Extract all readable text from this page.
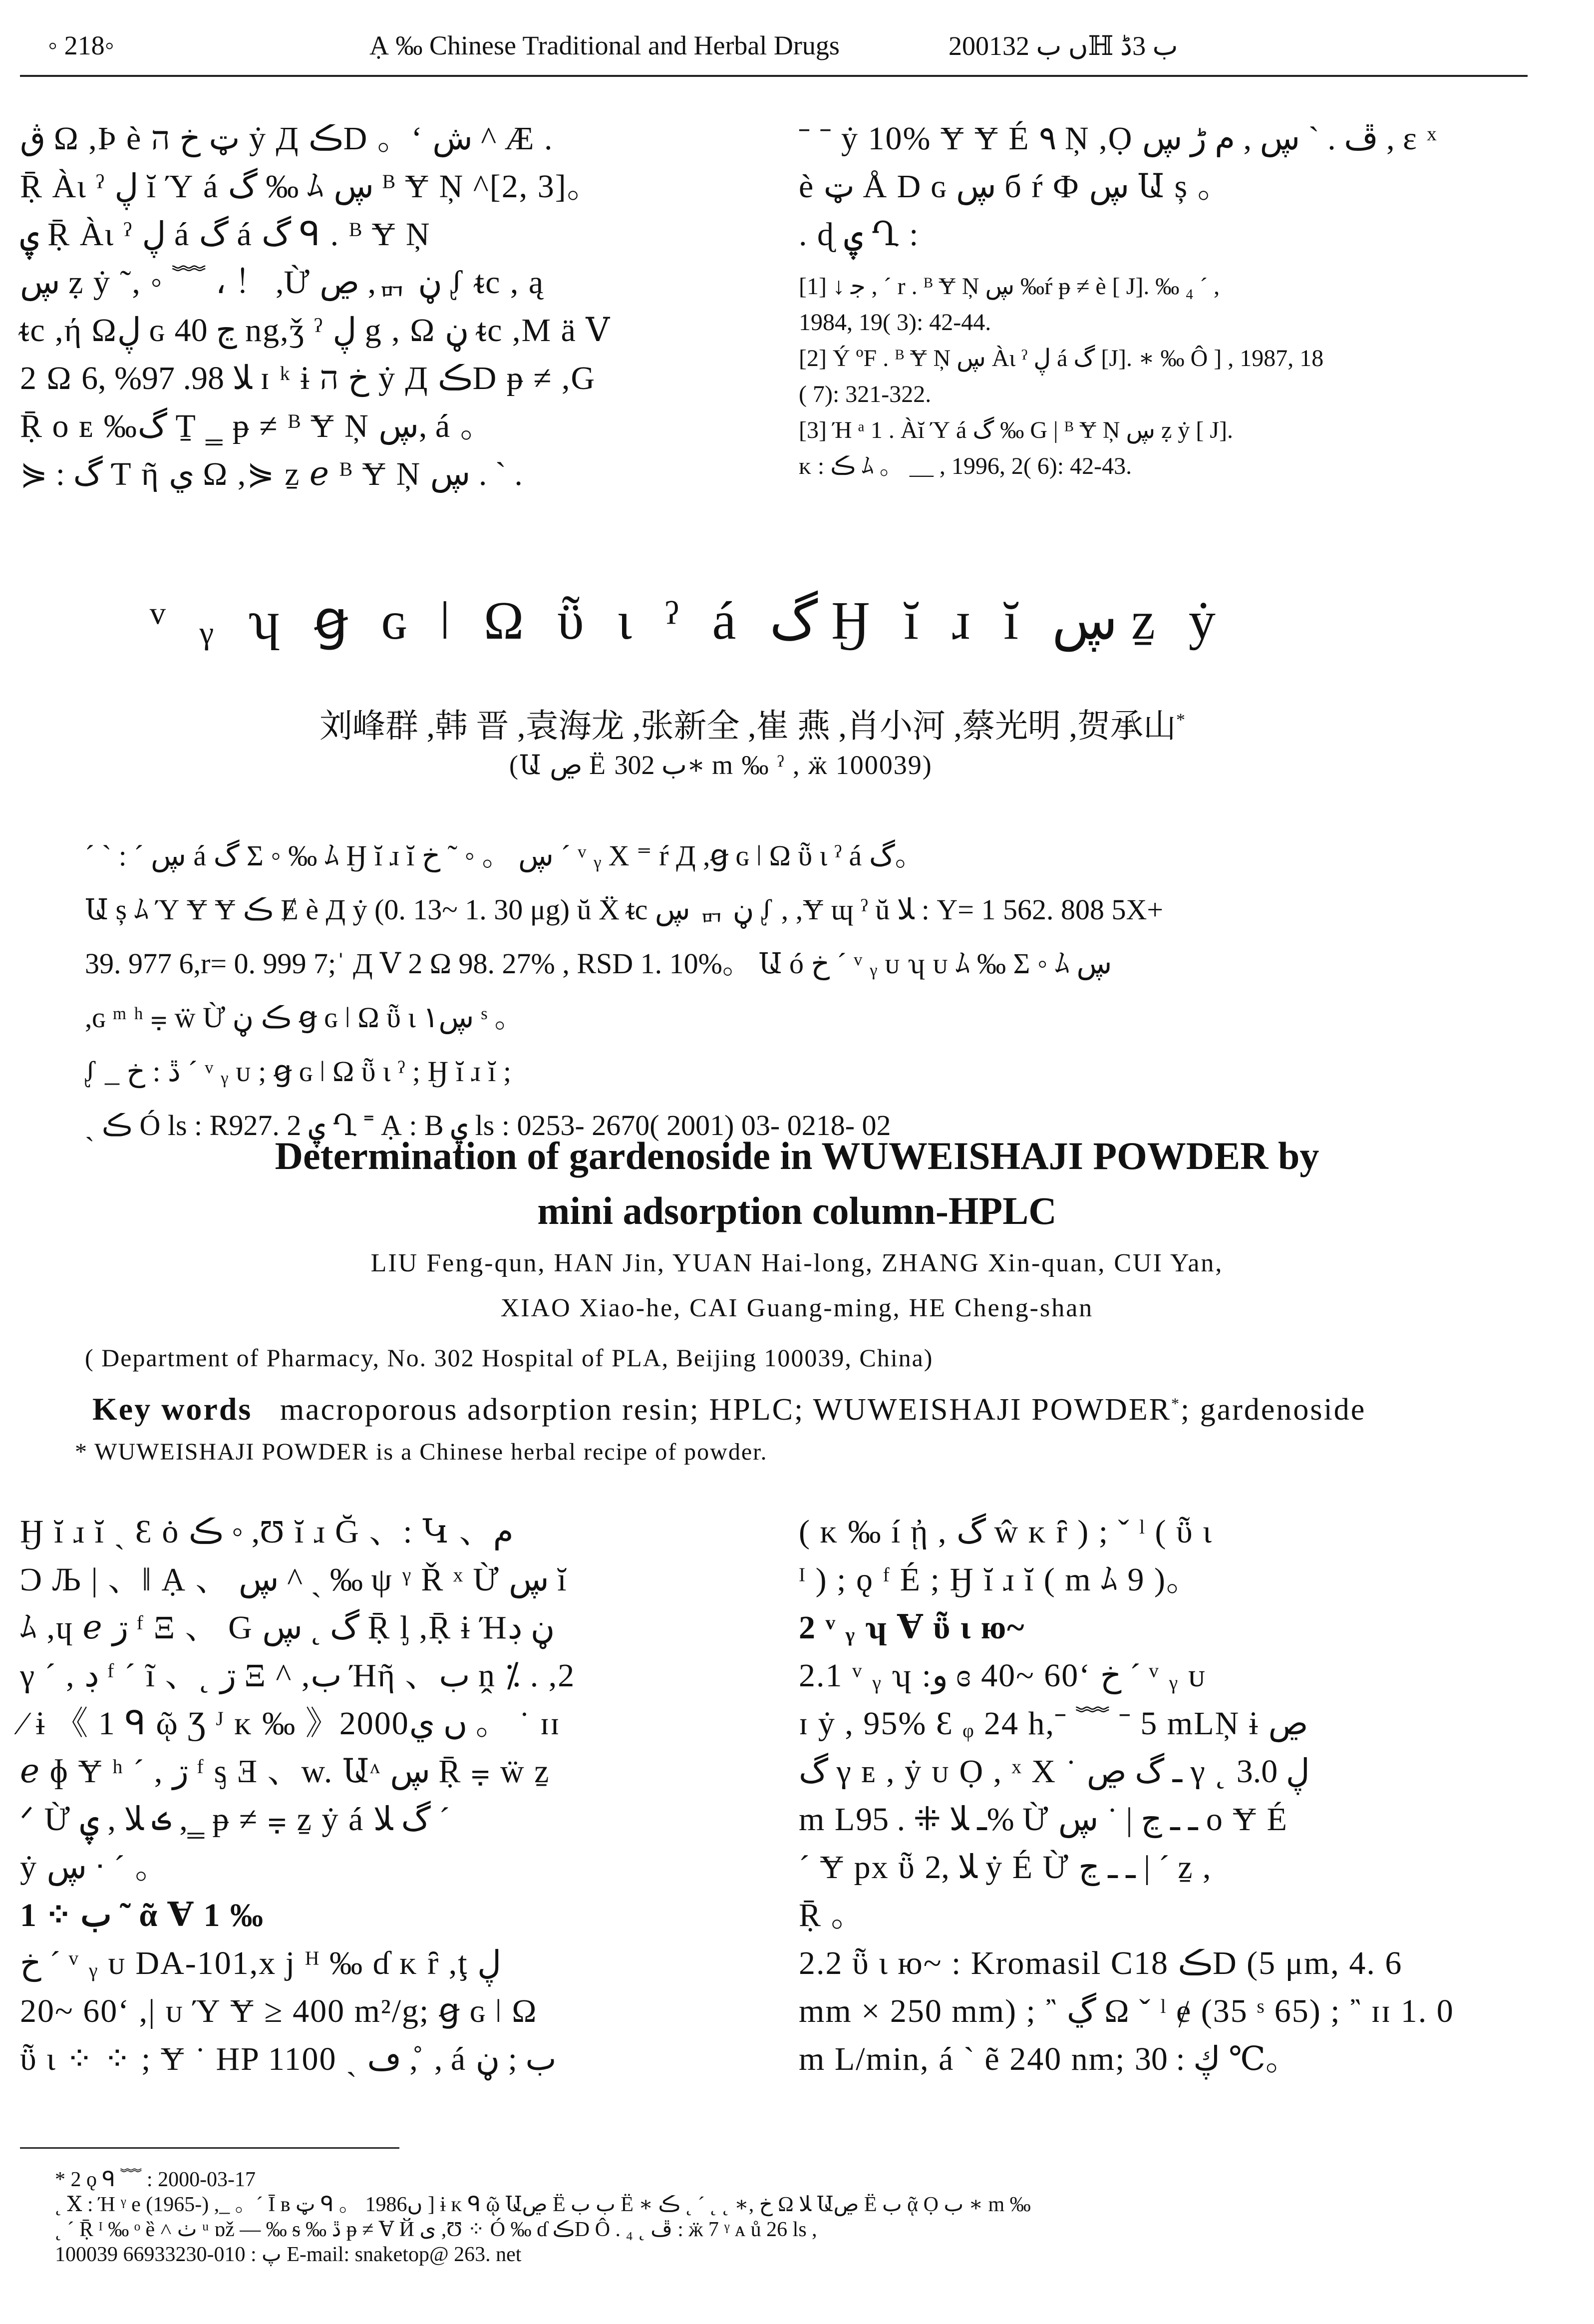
◦ 218◦	Ạ ‰ Chinese Traditional and Herbal Drugs	2001ں ب 32ℍ ب 3ڈ
ڨ Ω ,Þ è ټ خ ה ẏ Д ڪD 。ʻ ش ^ Æ .
Ṝ Àι ˀ ڸ ĭ Ύ á گ ‰ ﾑ ڛ ᴮ Ɏ Ņ ^[2, 3]。
ۑ Ṝ Àι ˀ ڸ á گ á گ ᑫ . ᴮ Ɏ Ņ
ڛ ẓ ẏ ˜, ◦ ﹌ ، ！ ,Ừ ڝ ,ᇚ ڼ ᶘ ᵵc , ą
ᵵc ,ή Ωڸ ɢ ڃ 40 ng,ǯ ˀ ڸ g , Ω ڼ ᵵc ,M ä Ⅴ
2 Ω ﻼ 98. 97% ,6 ɪ ᵏ ɨ خ ה ẏ Д ڪD ᵽ ≠ ,G
Ṝ ᴏ ᴇ ‰گ Ṯ ‗ ᵽ ≠ ᴮ Ɏ Ņ ڛ, á 。
⋟ : گ Ƭ ῆ ي Ω ,⋟ ẕ ℯ ᴮ Ɏ Ņ ڛ . ` .
ˉ ˉ ẏ 10% Ɏ Ɏ É ٩ Ņ ,Ọ ڦ . ` ڛ , م ڑ ڛ , ɛ ˣ
è ټ Å D ɢ ڛ б ŕ Ф ڛ Ա ș 。
. ɖ ۑ Ղ :
[1] ↓ ﺟ , ˊ r . ᴮ Ɏ Ņ ڛ ‰ŕ ᵽ ≠ è [ J]. ‰ ₄ ˊ ,
1984, 19( 3): 42-44.
[2] Ý ºF . ᴮ Ɏ Ņ ڛ Àι ˀ ڸ á گ [J]. ∗ ‰ Ô ] , 1987, 18
( 7): 321-322.
[3] Ή ᵃ 1 . Àĭ Ύ á گ ‰ G | ᴮ Ɏ Ņ ڛ ẓ ẏ [ J].
ᴋ : ڪ ﾑ 。 __ , 1996, 2( 6): 42-43.
ᵛ ᵧ ʮ ꞡ ɢ ǀ Ω ῧ ɩ ˀ á گ Ӈ ĭ ɹ ĭ ڛ ẕ ẏ
刘峰群 ,韩 晋 ,袁海龙 ,张新全 ,崔 燕 ,肖小河 ,蔡光明 ,贺承山*
(Ա ڝ Ë ب 302∗ m ‰ ˀ , ӝ 100039)
ˊ ˋ : ˊ ڛ á گ Σ ◦ ‰ ﾑ Ӈ ĭ ɹ ĭ ڛ 。 ◦ ˜ خ ˊ ᵛ ᵧ X ⁼ ŕ Д ,ꞡ ɢ ǀ Ω ῧ ɩ ˀ á گ。
Ա ș ﾑ Ύ Ɏ Ɏ ڪ Ɇ è Д ẏ (0. 13~ 1. 30 μg) ŭ Ẍ ᵵc ڛ ᇚ ڼ ᶘ , ,Ɏ ɰ ˀ ŭ ﻼ : Y= 1 562. 808 5X+
39. 977 6,r= 0. 999 7;ˈ Д Ⅴ 2 Ω 98. 27% , RSD 1. 10%。 Ա ó خ ˊ ᵛ ᵧ ᴜ ʮ ᴜ ﾑ ‰ Σ ◦ ﾑ ڛ
,ɢ ᵐ ʰ ⩦ ẅ Ừ ڪ ڼ ꞡ ɢ ǀ Ω ῧ ɩ ۱ڛ ˢ 。
ᶘ _ ڐ : خ ˊ ᵛ ᵧ ᴜ ; ꞡ ɢ ǀ Ω ῧ ɩ ˀ ; Ӈ ĭ ɹ ĭ ;
ˎ ڪ Ó ls : R927. 2 ۑ Ղ ˭ Ạ : B ۑ ls : 0253- 2670( 2001) 03- 0218- 02
Determination of gardenoside in WUWEISHAJI POWDER by
mini adsorption column-HPLC
LIU Feng-qun, HAN Jin, YUAN Hai-long, ZHANG Xin-quan, CUI Yan,
XIAO Xiao-he, CAI Guang-ming, HE Cheng-shan
( Department of Pharmacy, No. 302 Hospital of PLA, Beijing 100039, China)
Key words macroporous adsorption resin; HPLC; WUWEISHAJI POWDER*; gardenoside
* WUWEISHAJI POWDER is a Chinese herbal recipe of powder.
Ӈ ĭ ɹ ĭ ˎ Ɛ ȯ ڪ ◦ ,Ʊ ĭ ɹ Ğ 、: Կ 、م
Ͻ Љ | 、‖ Ạ 、 ڛ ^ ˎ ‰ ψ ᵞ Ř ˣ Ừ ڛ ĭ
ﾑ ,ɥ ℯ ڗ ᶠ Ξ 、 G گ ˛ ڛ Ṝ ᶅ ,Ṝ ɨ Ήڼ ڊ
γ ˊ , ڊ ᶠ ˊ ĩ 、˛ ڗ Ξ ^ ,ب Ήῆ 、ب ṋ ⁒ . ,2
⁄ ɨ 《 1 ᑫ ῷ Ʒ ᴶ ᴋ ‰ 》2000ں ي 。 ˙ ɪɪ
ℯ ɸ Ɏ ʰ ˊ , ڗ ᶠ ᶊ Ǝ 、w. Աᶺ ڛ Ṝ ⩦ ẅ ẕ
ᐟ Ừ ڪ ﻼ , ۑ ,‗ ᵽ ≠ ⩦ ẕ ẏ á گ ﻼ ˊ
ẏ ڛ ᐧ ˊ 。
1 ⁘ ب ˜ ᾶ Ɐ 1 ‰
خ ˊ ᵛ ᵧ ᴜ DA-101,x j ᴴ ‰ ɗ ᴋ ȓ ,ţ ڸ
20~ 60ʻ ,| ᴜ Ύ Ɏ ≥ 400 m²/g; ꞡ ɢ ǀ Ω
ῧ ɩ ⁘ ⁘ ; Ɏ ˙ HP 1100 ˎ ڡ , ̊ , á ب ; ڼ
( ᴋ ‰ í ᾐ , گ ŵ ᴋ ȓ ) ; ˇ ˡ ( ῧ ɩ
ᴵ ) ; ǫ ᶠ É ; Ӈ ĭ ɹ ĭ ( m ﾑ 9 )。
2 ᵛ ᵧ ʮ Ɐ ῧ ɩ ю~
2.1 ᵛ ᵧ ʮ :ﻭ ɞ 40~ 60ʻ خ ˊ ᵛ ᵧ ᴜ
ɪ ẏ , 95% Ɛ ᵩ 24 h,ˉ ﹌ ˉ 5 mLŅ ɨ ڝ
گ γ ᴇ , ẏ ᴜ Ọ , ˣ Χ ˙ ـ گ ڝ γ ˛ ڸ 3.0
m Lـ ﻼ ⁜ . 95% Ừ ـ ـ ڃ | ˙ ڛ ᴏ Ɏ É
ˊ Ɏ px ῧ ﻼ ,2 ẏ É Ừ ـ ـ ڃ | ˊ ẕ ,
Ṝ 。
2.2 ῧ ɩ ю~ : Kromasil C18 ڪD (5 μm, 4. 6
mm × 250 mm) ; ῍ ڲ Ω ˇ ˡ ɇ (35 ˢ 65) ; ῍ ɪɪ 1. 0
m L/min, á ˋ ẽ 240 nm; ڮ : 30 ℃。
* 2 ǫ ᑫ ﹌ : 2000-03-17
˛ Ⅹ : Ή ᵞ e (1965-) ,_ 。ˊ Ī ʙ ټ ᑫ 。 1986ں ] ɨ ᴋ ᑫ ῷ Աڝ Ë ب ب Ë ∗ خ ,∗ ˛ ˛ ˊ ˛ ڪ Ω ﻼ Աڝ Ë ب ᾷ Ọ ب ∗ m ‰
˛ ˊ Ṝ ᴵ ‰ ᵒ ȅ ˄ ٺ ᵘ ɒž — ‰ ᵴ ‰ ڐ ᵽ ≠ Ɐ Й ی ,Ʊ ⁘ Ó ‰ ɗ ڪD Ô . ₄ ˛ ڦ : ӝ 7 ᵞ ᴀ ů 26 ls ,
100039 پ : 010-66933230 E-mail: snaketop@ 263. net
